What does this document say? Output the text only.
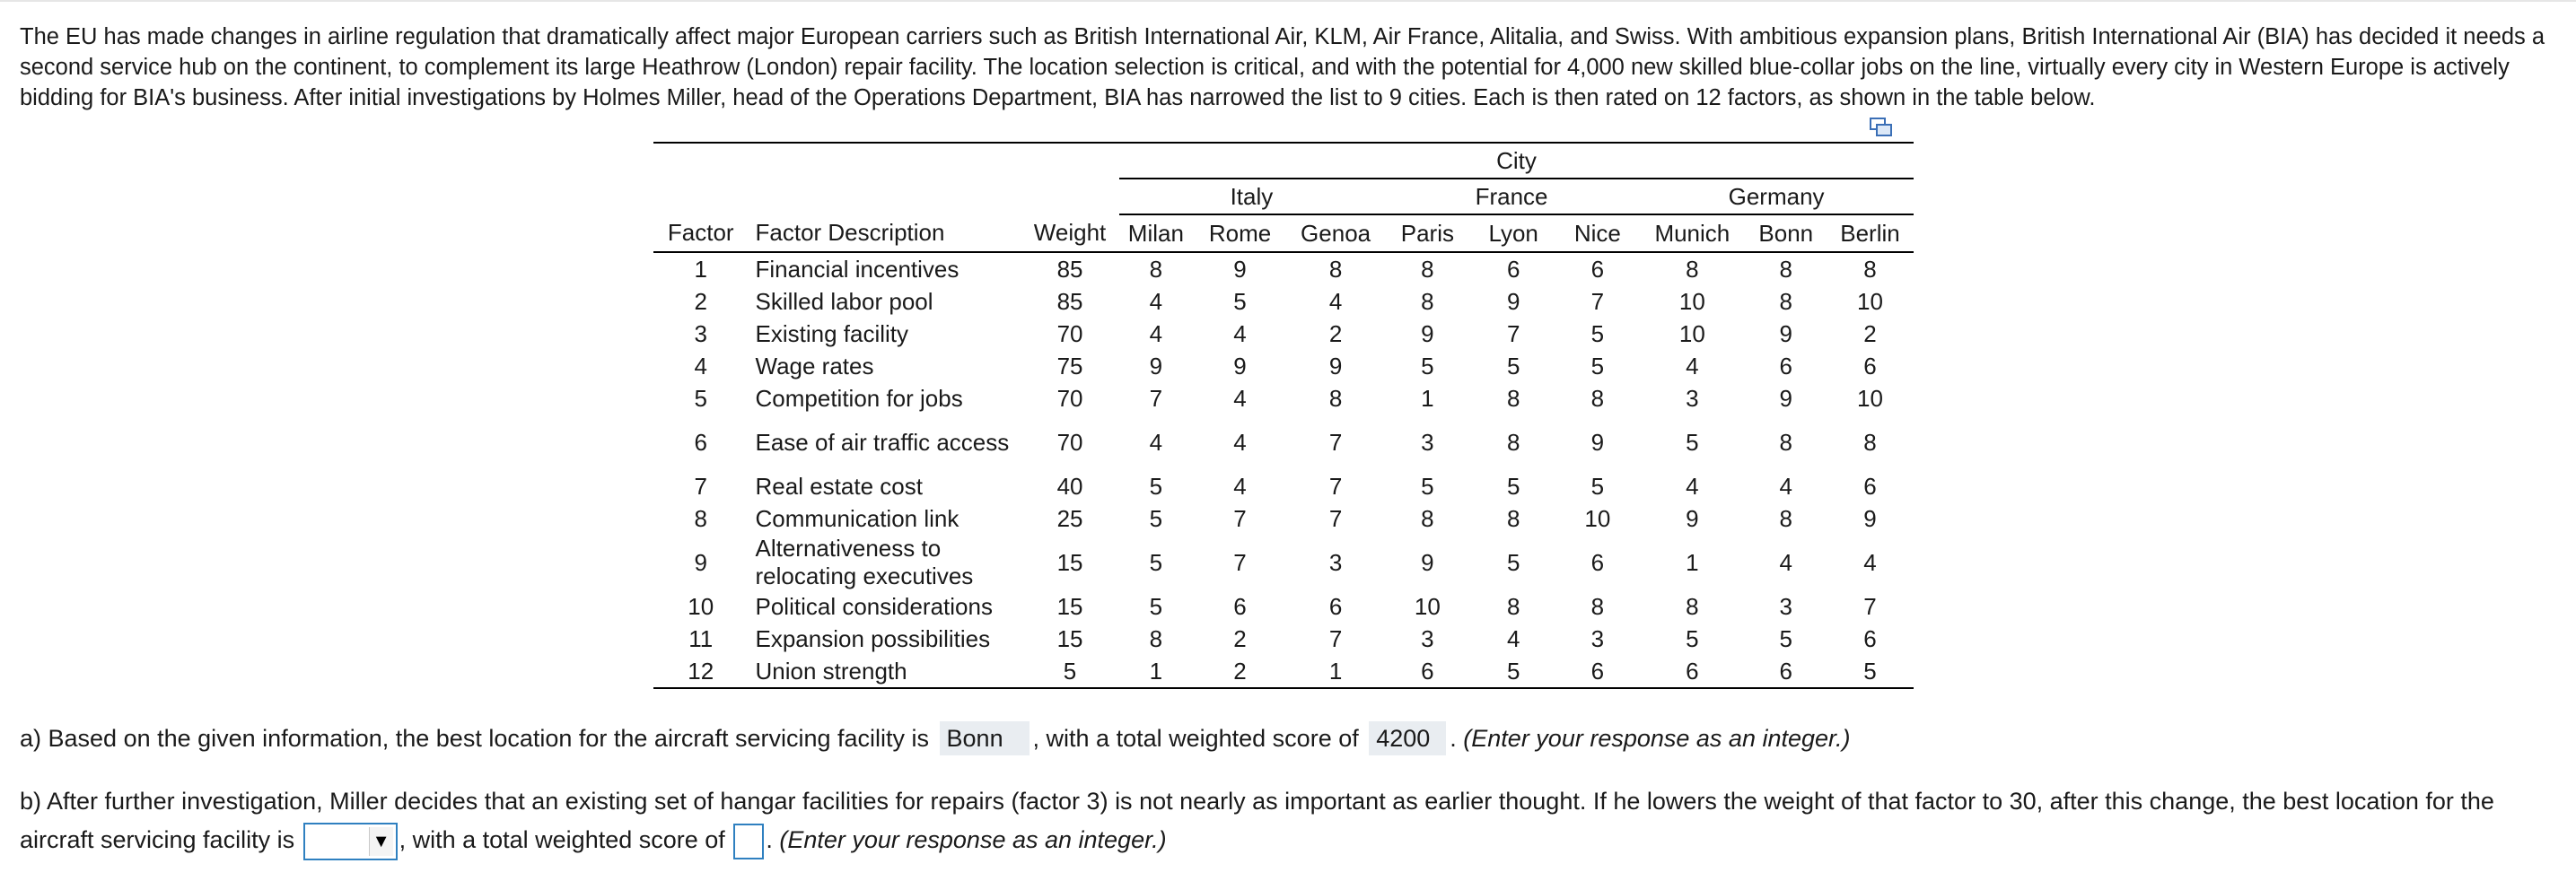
The EU has made changes in airline regulation that dramatically affect major European carriers such as British International Air, KLM, Air France, Alitalia, and Swiss. With ambitious expansion plans, British International Air (BIA) has decided it needs a second service hub on the continent, to complement its large Heathrow (London) repair facility. The location selection is critical, and with the potential for 4,000 new skilled blue-collar jobs on the line, virtually every city in Western Europe is actively bidding for BIA's business. After initial investigations by Holmes Miller, head of the Operations Department, BIA has narrowed the list to 9 cities. Each is then rated on 12 factors, as shown in the table below.
			City								
			Italy			France			Germany		
Factor	Factor Description	Weight	Milan	Rome	Genoa	Paris	Lyon	Nice	Munich	Bonn	Berlin
1	Financial incentives	85	8	9	8	8	6	6	8	8	8
2	Skilled labor pool	85	4	5	4	8	9	7	10	8	10
3	Existing facility	70	4	4	2	9	7	5	10	9	2
4	Wage rates	75	9	9	9	5	5	5	4	6	6
5	Competition for jobs	70	7	4	8	1	8	8	3	9	10
6	Ease of air traffic access	70	4	4	7	3	8	9	5	8	8
7	Real estate cost	40	5	4	7	5	5	5	4	4	6
8	Communication link	25	5	7	7	8	8	10	9	8	9
9	Alternativeness to relocating executives	15	5	7	3	9	5	6	1	4	4
10	Political considerations	15	5	6	6	10	8	8	8	3	7
11	Expansion possibilities	15	8	2	7	3	4	3	5	5	6
12	Union strength	5	1	2	1	6	5	6	6	6	5
a) Based on the given information, the best location for the aircraft servicing facility is Bonn , with a total weighted score of 4200 . (Enter your response as an integer.)
b) After further investigation, Miller decides that an existing set of hangar facilities for repairs (factor 3) is not nearly as important as earlier thought. If he lowers the weight of that factor to 30, after this change, the best location for the aircraft servicing facility is	▼ , with a total weighted score of . (Enter your response as an integer.)
